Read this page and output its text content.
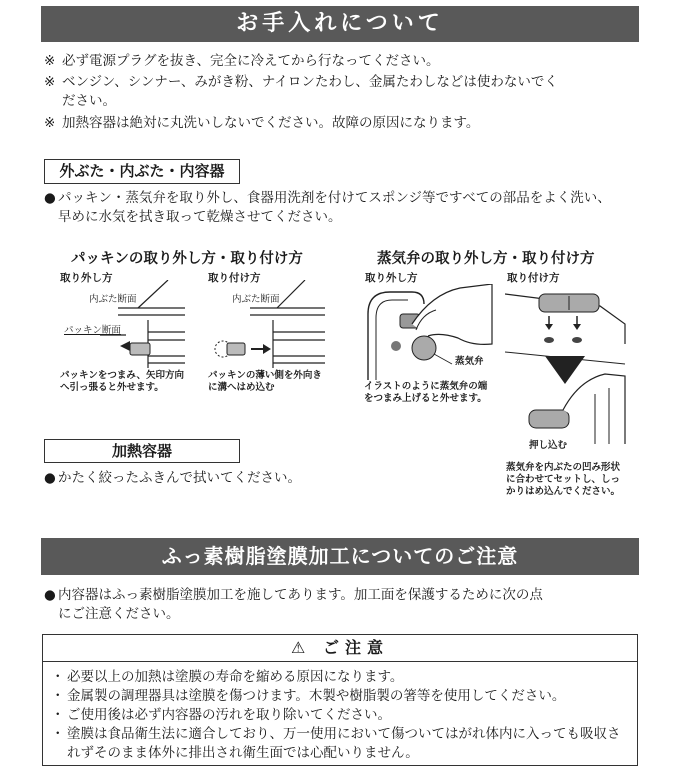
お手入れについて
※ 必ず電源プラグを抜き、完全に冷えてから行なってください。
※ ベンジン、シンナー、みがき粉、ナイロンたわし、金属たわしなどは使わないでく
ださい。
※ 加熱容器は絶対に丸洗いしないでください。故障の原因になります。
外ぶた・内ぶた・内容器
● パッキン・蒸気弁を取り外し、食器用洗剤を付けてスポンジ等ですべての部品をよく洗い、
早めに水気を拭き取って乾燥させてください。
パッキンの取り外し方・取り付け方
取り外し方	取り付け方
内ぶた断面	内ぶた断面
パッキン断面
パッキンをつまみ、矢印方向へ引っ張ると外せます。
パッキンの薄い側を外向きに溝へはめ込む
蒸気弁の取り外し方・取り付け方
取り外し方	取り付け方
蒸気弁
イラストのように蒸気弁の端をつまみ上げると外せます。
押し込む
蒸気弁を内ぶたの凹み形状に合わせてセットし、しっかりはめ込んでください。
加熱容器
● かたく絞ったふきんで拭いてください。
ふっ素樹脂塗膜加工についてのご注意
● 内容器はふっ素樹脂塗膜加工を施してあります。加工面を保護するために次の点
にご注意ください。
⚠ ご注意
・ 必要以上の加熱は塗膜の寿命を縮める原因になります。
・ 金属製の調理器具は塗膜を傷つけます。木製や樹脂製の箸等を使用してください。
・ ご使用後は必ず内容器の汚れを取り除いてください。
・ 塗膜は食品衛生法に適合しており、万一使用において傷ついてはがれ体内に入っても吸収されずそのまま体外に排出され衛生面では心配いりません。
